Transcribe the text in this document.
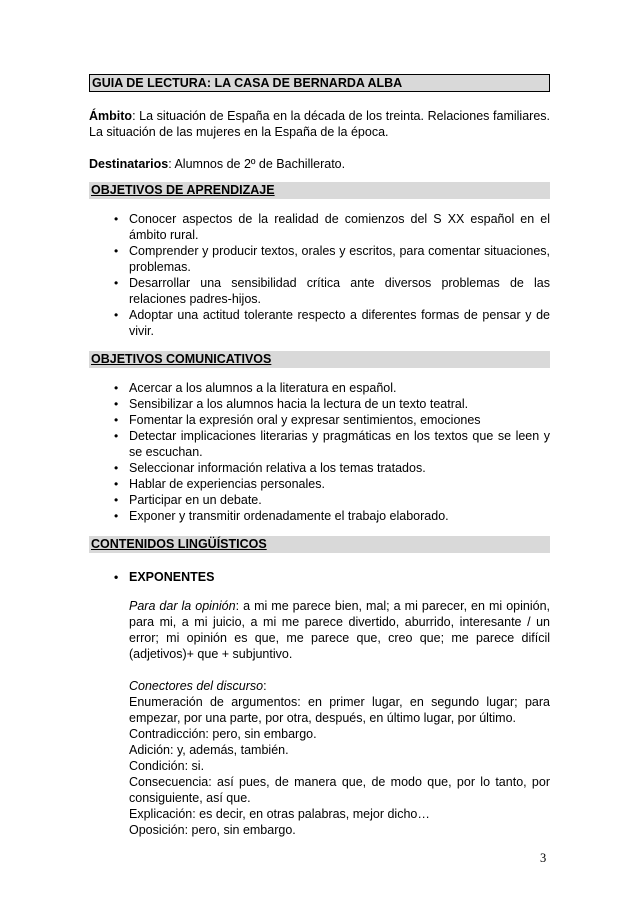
GUIA DE LECTURA: LA CASA DE BERNARDA ALBA

Ámbito: La situación de España en la década de los treinta. Relaciones familiares. La situación de las mujeres en la España de la época.

Destinatarios: Alumnos de 2º de Bachillerato.

OBJETIVOS DE APRENDIZAJE
• Conocer aspectos de la realidad de comienzos del S XX español en el ámbito rural.
• Comprender y producir textos, orales y escritos, para comentar situaciones, problemas.
• Desarrollar una sensibilidad crítica ante diversos problemas de las relaciones padres-hijos.
• Adoptar una actitud tolerante respecto a diferentes formas de pensar y de vivir.
OBJETIVOS COMUNICATIVOS
• Acercar a los alumnos a la literatura en español.
• Sensibilizar a los alumnos hacia la lectura de un texto teatral.
• Fomentar la expresión oral y expresar sentimientos, emociones
• Detectar implicaciones literarias y pragmáticas en los textos que se leen y se escuchan.
• Seleccionar información relativa a los temas tratados.
• Hablar de experiencias personales.
• Participar en un debate.
• Exponer y transmitir ordenadamente el trabajo elaborado.
CONTENIDOS LINGÜÍSTICOS
• EXPONENTES

Para dar la opinión: a mi me parece bien, mal; a mi parecer, en mi opinión, para mi, a mi juicio, a mi me parece divertido, aburrido, interesante / un error; mi opinión es que, me parece que, creo que; me parece difícil (adjetivos)+ que + subjuntivo.

Conectores del discurso:

Enumeración de argumentos: en primer lugar, en segundo lugar; para empezar, por una parte, por otra, después, en último lugar, por último.

Contradicción: pero, sin embargo.

Adición: y, además, también.

Condición: si.

Consecuencia: así pues, de manera que, de modo que, por lo tanto, por consiguiente, así que.

Explicación: es decir, en otras palabras, mejor dicho…

Oposición: pero, sin embargo.

3
